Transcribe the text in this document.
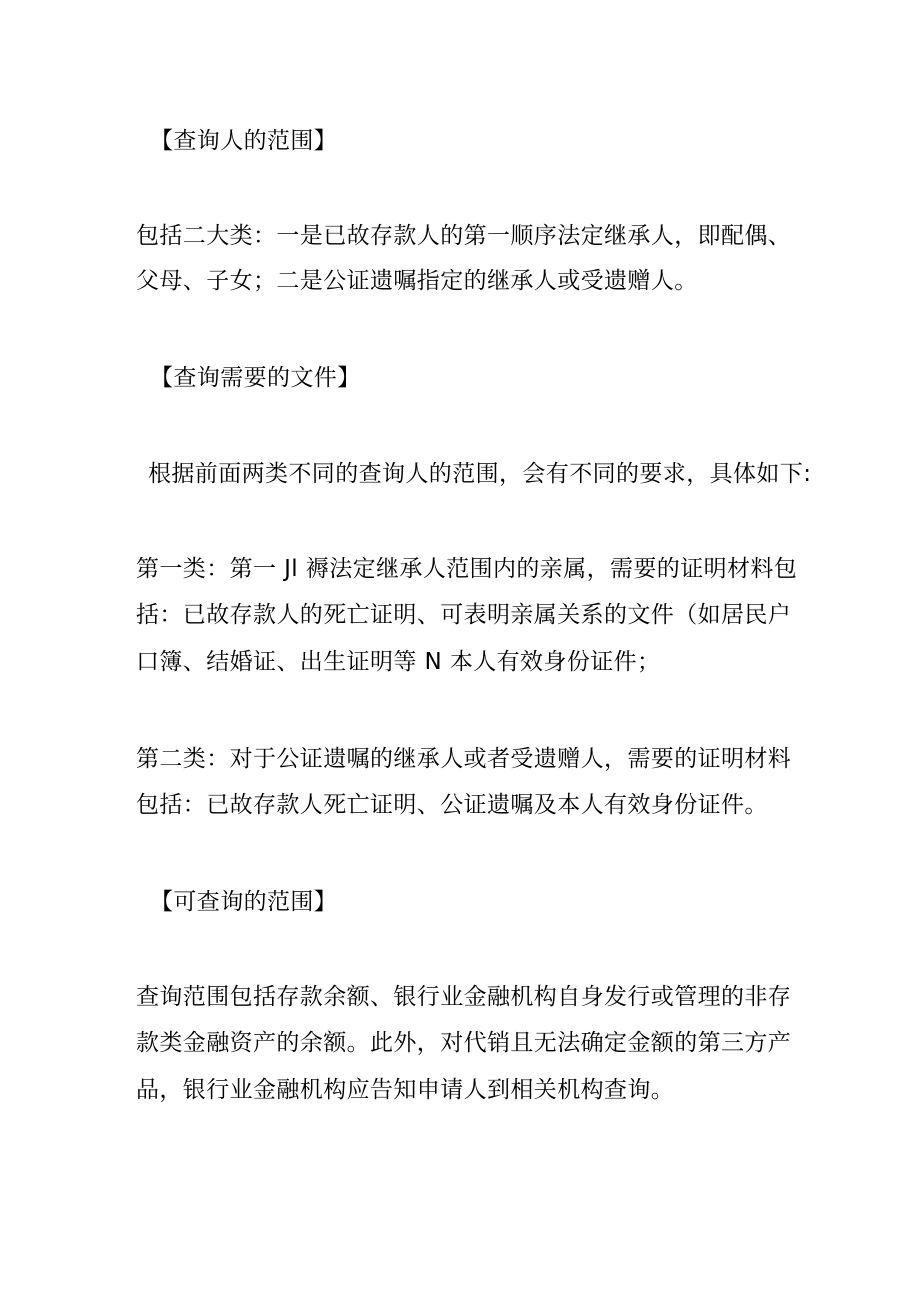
【查询人的范围】
包括二大类：一是已故存款人的第一顺序法定继承人，即配偶、
父母、子女；二是公证遗嘱指定的继承人或受遗赠人。
【查询需要的文件】
根据前面两类不同的查询人的范围，会有不同的要求，具体如下:
第一类：第一 Jl 褥法定继承人范围内的亲属，需要的证明材料包
括：已故存款人的死亡证明、可表明亲属关系的文件（如居民户
口簿、结婚证、出生证明等 N 本人有效身份证件；
第二类：对于公证遗嘱的继承人或者受遗赠人，需要的证明材料
包括：已故存款人死亡证明、公证遗嘱及本人有效身份证件。
【可查询的范围】
查询范围包括存款余额、银行业金融机构自身发行或管理的非存
款类金融资产的余额。此外，对代销且无法确定金额的第三方产
品，银行业金融机构应告知申请人到相关机构查询。
